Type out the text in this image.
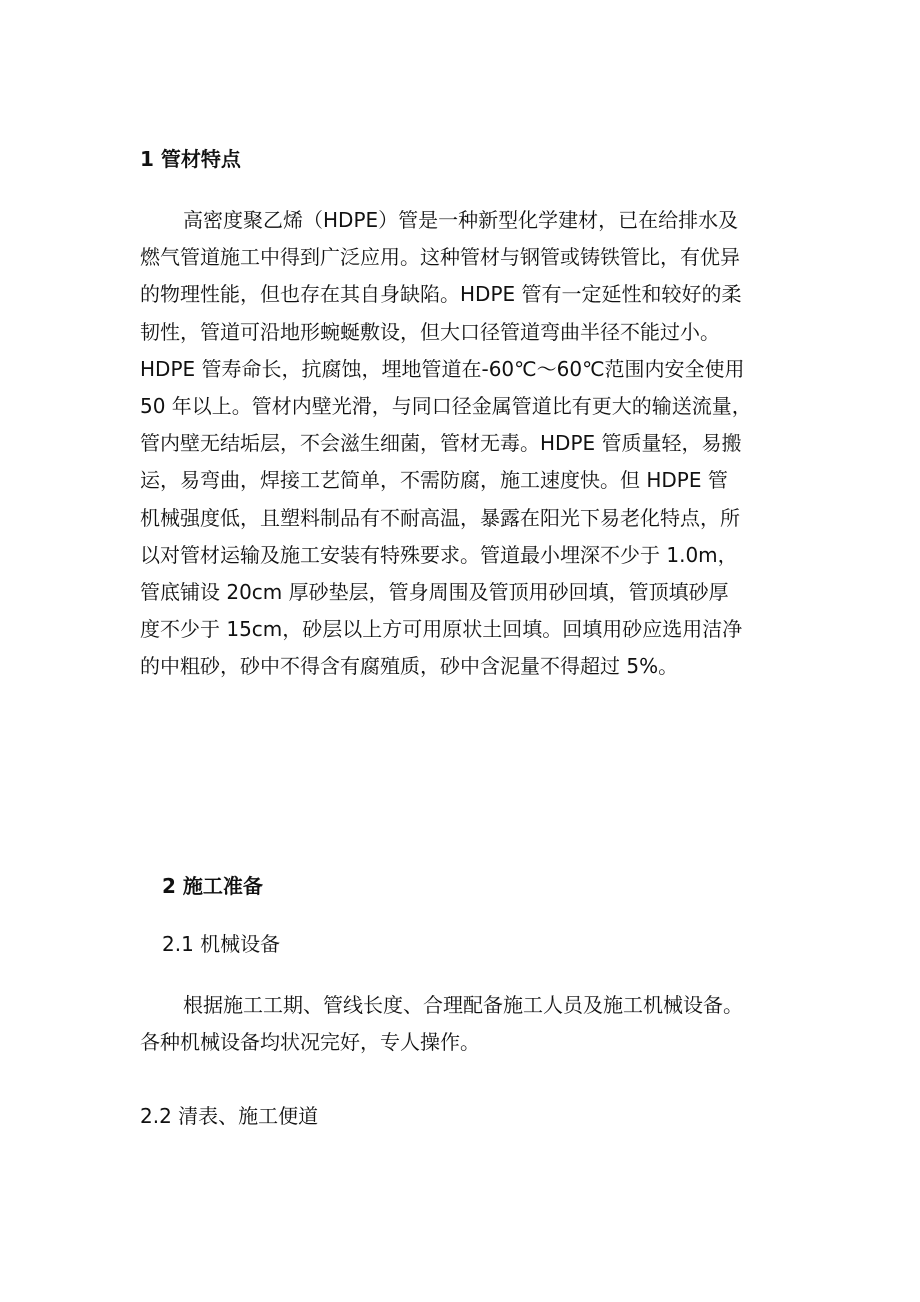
1 管材特点
高密度聚乙烯（HDPE）管是一种新型化学建材，已在给排水及
燃气管道施工中得到广泛应用。这种管材与钢管或铸铁管比，有优异
的物理性能，但也存在其自身缺陷。HDPE 管有一定延性和较好的柔
韧性，管道可沿地形蜿蜒敷设，但大口径管道弯曲半径不能过小。
HDPE 管寿命长，抗腐蚀，埋地管道在-60℃～60℃范围内安全使用
50 年以上。管材内壁光滑，与同口径金属管道比有更大的输送流量，
管内壁无结垢层，不会滋生细菌，管材无毒。HDPE 管质量轻，易搬
运，易弯曲，焊接工艺简单，不需防腐，施工速度快。但 HDPE 管
机械强度低，且塑料制品有不耐高温，暴露在阳光下易老化特点，所
以对管材运输及施工安装有特殊要求。管道最小埋深不少于 1.0m，
管底铺设 20cm 厚砂垫层，管身周围及管顶用砂回填，管顶填砂厚
度不少于 15cm，砂层以上方可用原状土回填。回填用砂应选用洁净
的中粗砂，砂中不得含有腐殖质，砂中含泥量不得超过 5%。
2 施工准备
2.1 机械设备
根据施工工期、管线长度、合理配备施工人员及施工机械设备。
各种机械设备均状况完好，专人操作。
2.2 清表、施工便道
